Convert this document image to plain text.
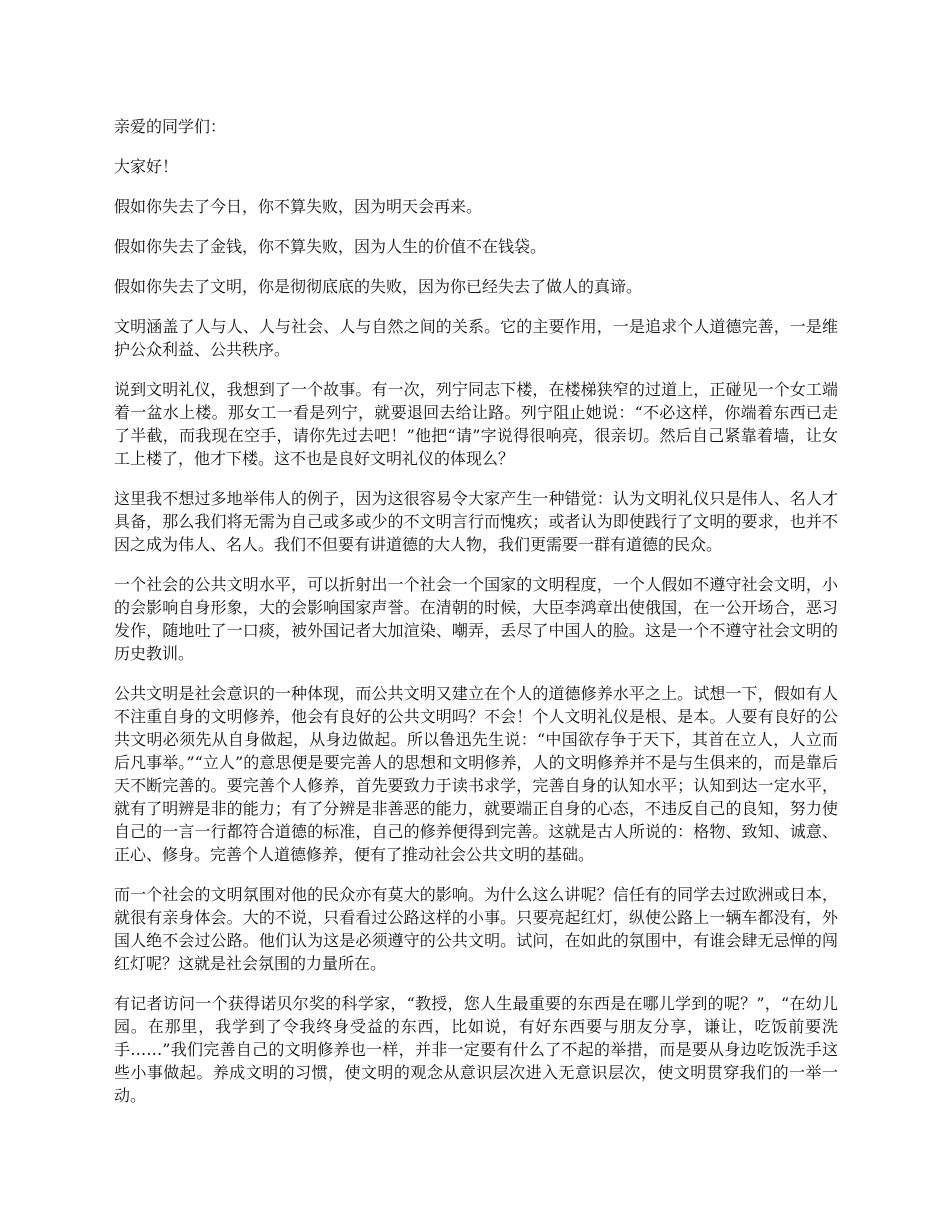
亲爱的同学们：

大家好！

假如你失去了今日，你不算失败，因为明天会再来。

假如你失去了金钱，你不算失败，因为人生的价值不在钱袋。

假如你失去了文明，你是彻彻底底的失败，因为你已经失去了做人的真谛。

文明涵盖了人与人、人与社会、人与自然之间的关系。它的主要作用，一是追求个人道德完善，一是维护公众利益、公共秩序。

说到文明礼仪，我想到了一个故事。有一次，列宁同志下楼，在楼梯狭窄的过道上，正碰见一个女工端着一盆水上楼。那女工一看是列宁，就要退回去给让路。列宁阻止她说：“不必这样，你端着东西已走了半截，而我现在空手，请你先过去吧！”他把“请”字说得很响亮，很亲切。然后自己紧靠着墙，让女工上楼了，他才下楼。这不也是良好文明礼仪的体现么？

这里我不想过多地举伟人的例子，因为这很容易令大家产生一种错觉：认为文明礼仪只是伟人、名人才具备，那么我们将无需为自己或多或少的不文明言行而愧疚；或者认为即使践行了文明的要求，也并不因之成为伟人、名人。我们不但要有讲道德的大人物，我们更需要一群有道德的民众。

一个社会的公共文明水平，可以折射出一个社会一个国家的文明程度，一个人假如不遵守社会文明，小的会影响自身形象，大的会影响国家声誉。在清朝的时候，大臣李鸿章出使俄国，在一公开场合，恶习发作，随地吐了一口痰，被外国记者大加渲染、嘲弄，丢尽了中国人的脸。这是一个不遵守社会文明的历史教训。

公共文明是社会意识的一种体现，而公共文明又建立在个人的道德修养水平之上。试想一下，假如有人不注重自身的文明修养，他会有良好的公共文明吗？不会！个人文明礼仪是根、是本。人要有良好的公共文明必须先从自身做起，从身边做起。所以鲁迅先生说：“中国欲存争于天下，其首在立人，人立而后凡事举。”“立人”的意思便是要完善人的思想和文明修养，人的文明修养并不是与生俱来的，而是靠后天不断完善的。要完善个人修养，首先要致力于读书求学，完善自身的认知水平；认知到达一定水平，就有了明辨是非的能力；有了分辨是非善恶的能力，就要端正自身的心态，不违反自己的良知，努力使自己的一言一行都符合道德的标准，自己的修养便得到完善。这就是古人所说的：格物、致知、诚意、正心、修身。完善个人道德修养，便有了推动社会公共文明的基础。

而一个社会的文明氛围对他的民众亦有莫大的影响。为什么这么讲呢？信任有的同学去过欧洲或日本，就很有亲身体会。大的不说，只看看过公路这样的小事。只要亮起红灯，纵使公路上一辆车都没有，外国人绝不会过公路。他们认为这是必须遵守的公共文明。试问，在如此的氛围中，有谁会肆无忌惮的闯红灯呢？这就是社会氛围的力量所在。

有记者访问一个获得诺贝尔奖的科学家，“教授，您人生最重要的东西是在哪儿学到的呢？”，“在幼儿园。在那里，我学到了令我终身受益的东西，比如说，有好东西要与朋友分享，谦让，吃饭前要洗手……”我们完善自己的文明修养也一样，并非一定要有什么了不起的举措，而是要从身边吃饭洗手这些小事做起。养成文明的习惯，使文明的观念从意识层次进入无意识层次，使文明贯穿我们的一举一动。
